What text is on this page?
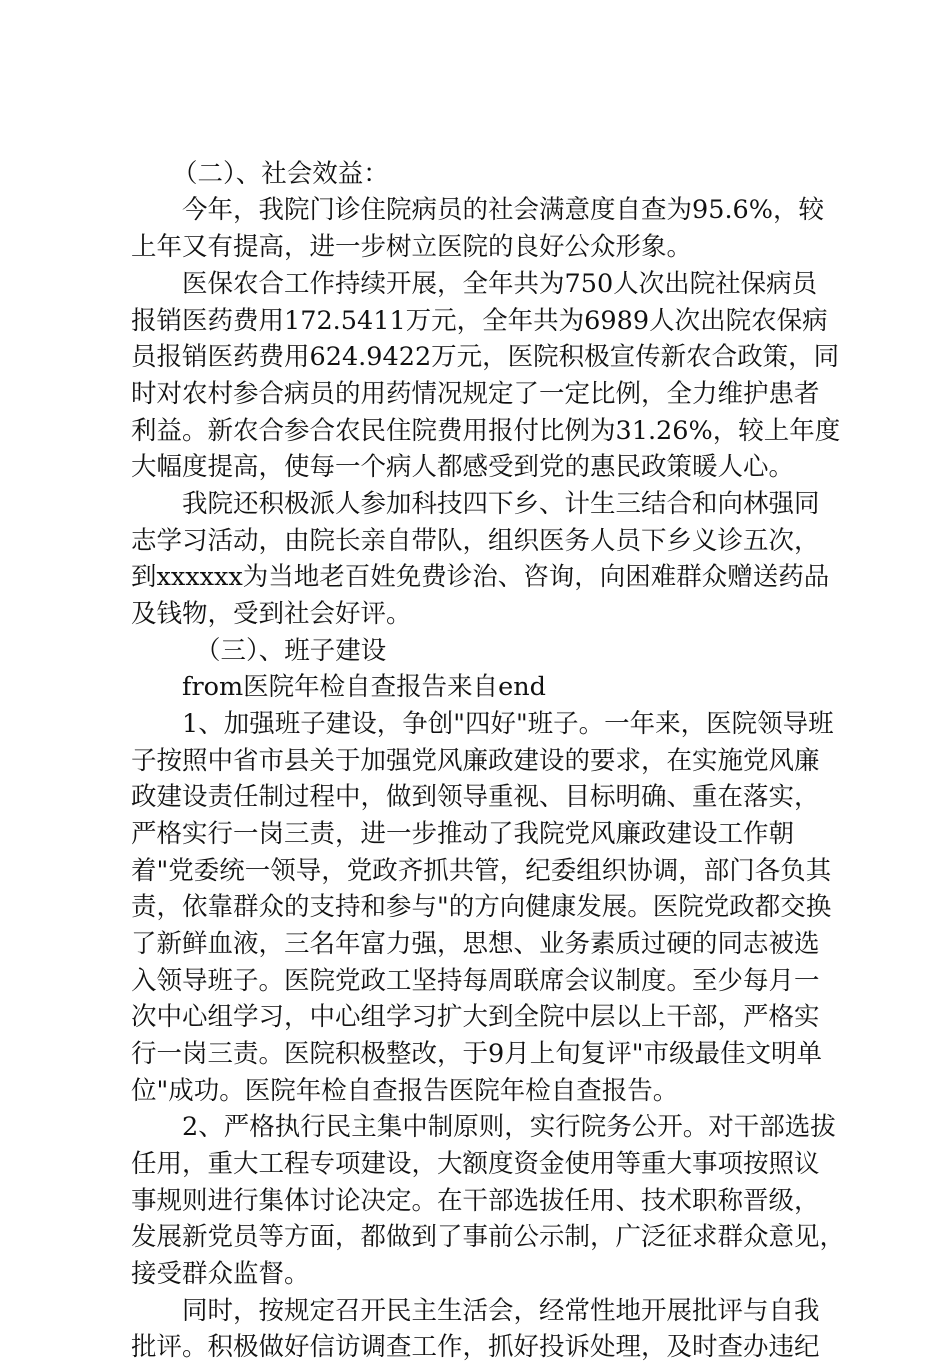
（二）、社会效益：
今年，我院门诊住院病员的社会满意度自查为95.6%，较
上年又有提高，进一步树立医院的良好公众形象。
医保农合工作持续开展，全年共为750人次出院社保病员
报销医药费用172.5411万元，全年共为6989人次出院农保病
员报销医药费用624.9422万元，医院积极宣传新农合政策，同
时对农村参合病员的用药情况规定了一定比例，全力维护患者
利益。新农合参合农民住院费用报付比例为31.26%，较上年度
大幅度提高，使每一个病人都感受到党的惠民政策暖人心。
我院还积极派人参加科技四下乡、计生三结合和向林强同
志学习活动，由院长亲自带队，组织医务人员下乡义诊五次，
到xxxxxx为当地老百姓免费诊治、咨询，向困难群众赠送药品
及钱物，受到社会好评。
（三）、班子建设
from医院年检自查报告来自end
1、加强班子建设，争创"四好"班子。一年来，医院领导班
子按照中省市县关于加强党风廉政建设的要求，在实施党风廉
政建设责任制过程中，做到领导重视、目标明确、重在落实，
严格实行一岗三责，进一步推动了我院党风廉政建设工作朝
着"党委统一领导，党政齐抓共管，纪委组织协调，部门各负其
责，依靠群众的支持和参与"的方向健康发展。医院党政都交换
了新鲜血液，三名年富力强，思想、业务素质过硬的同志被选
入领导班子。医院党政工坚持每周联席会议制度。至少每月一
次中心组学习，中心组学习扩大到全院中层以上干部，严格实
行一岗三责。医院积极整改，于9月上旬复评"市级最佳文明单
位"成功。医院年检自查报告医院年检自查报告。
2、严格执行民主集中制原则，实行院务公开。对干部选拔
任用，重大工程专项建设，大额度资金使用等重大事项按照议
事规则进行集体讨论决定。在干部选拔任用、技术职称晋级，
发展新党员等方面，都做到了事前公示制，广泛征求群众意见，
接受群众监督。
同时，按规定召开民主生活会，经常性地开展批评与自我
批评。积极做好信访调查工作，抓好投诉处理，及时查办违纪
